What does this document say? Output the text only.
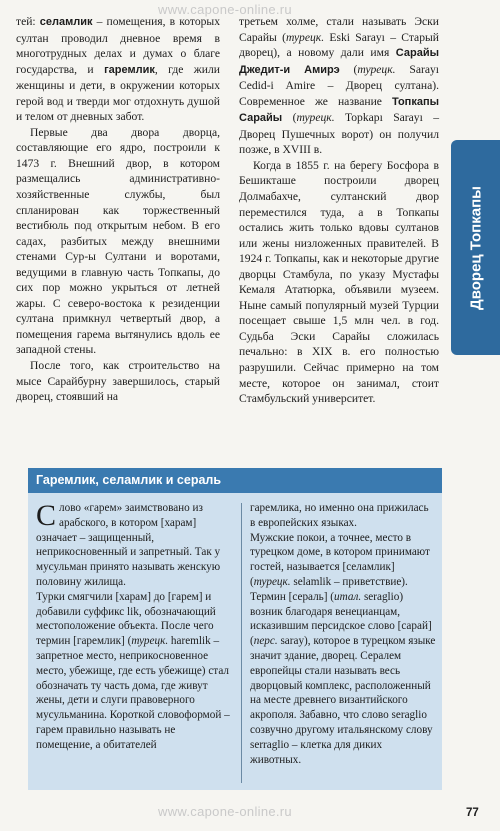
www.capone-online.ru

тей: селамлик – помещения, в которых султан проводил дневное время в многотрудных делах и думах о благе государства, и гаремлик, где жили женщины и дети, в окружении которых герой вод и тверди мог отдохнуть душой и телом от дневных забот.

Первые два двора дворца, составляющие его ядро, построили к 1473 г. Внешний двор, в котором размещались административно-хозяйственные службы, был спланирован как торжественный вестибюль под открытым небом. В его садах, разбитых между внешними стенами Сур-ы Султани и воротами, ведущими в главную часть Топкапы, до сих пор можно укрыться от летней жары. С северо-востока к резиденции султана примкнул четвертый двор, а помещения гарема вытянулись вдоль ее западной стены.

После того, как строительство на мысе Сарайбурну завершилось, старый дворец, стоявший на

третьем холме, стали называть Эски Сарайы (турецк. Eski Sarayı – Старый дворец), а новому дали имя Сарайы Джедит-и Амирэ (турецк. Sarayı Cedid-i Amire – Дворец султана). Современное же название Топкапы Сарайы (турецк. Topkapı Sarayı – Дворец Пушечных ворот) он получил позже, в XVIII в.

Когда в 1855 г. на берегу Босфора в Бешикташе построили дворец Долмабахче, султанский двор переместился туда, а в Топкапы остались жить только вдовы султанов или жены низложенных правителей. В 1924 г. Топкапы, как и некоторые другие дворцы Стамбула, по указу Мустафы Кемаля Ататюрка, объявили музеем. Ныне самый популярный музей Турции посещает свыше 1,5 млн чел. в год. Судьба Эски Сарайы сложилась печально: в XIX в. его полностью разрушили. Сейчас примерно на том месте, которое он занимал, стоит Стамбульский университет.

Дворец Топкапы
Гаремлик, селамлик и сераль

Слово «гарем» заимствовано из арабского, в котором [харам] означает – защищенный, неприкосновенный и запретный. Так у мусульман принято называть женскую половину жилища.

Турки смягчили [харам] до [гарем] и добавили суффикс lik, обозначающий местоположение объекта. После чего термин [гаремлик] (турецк. haremlik – запретное место, неприкосновенное место, убежище, где есть убежище) стал обозначать ту часть дома, где живут жены, дети и слуги правоверного мусульманина. Короткой словоформой – гарем правильно называть не помещение, а обитателей

гаремлика, но именно она прижилась в европейских языках.

Мужские покои, а точнее, место в турецком доме, в котором принимают гостей, называется [селамлик] (турецк. selamlik – приветствие).

Термин [сераль] (итал. seraglio) возник благодаря венецианцам, исказившим персидское слово [сарай] (перс. saray), которое в турецком языке значит здание, дворец. Сералем европейцы стали называть весь дворцовый комплекс, расположенный на месте древнего византийского акрополя. Забавно, что слово seraglio созвучно другому итальянскому слову serraglio – клетка для диких животных.

www.capone-online.ru	77
